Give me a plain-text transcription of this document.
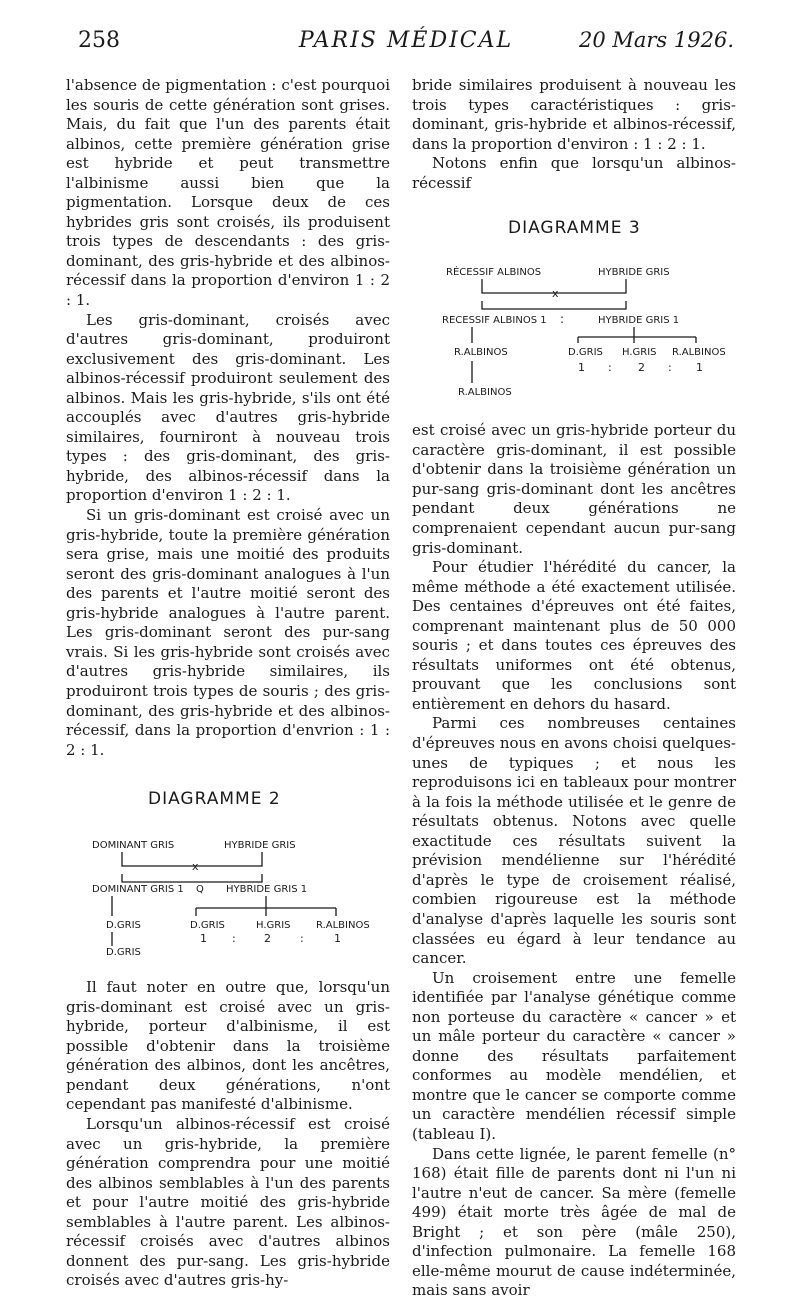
258	PARIS MÉDICAL	20 Mars 1926.

l'absence de pigmentation : c'est pourquoi les souris de cette génération sont grises. Mais, du fait que l'un des parents était albinos, cette première génération grise est hybride et peut transmettre l'albinisme aussi bien que la pigmentation. Lorsque deux de ces hybrides gris sont croisés, ils produisent trois types de descendants : des gris-dominant, des gris-hybride et des albinos-récessif dans la proportion d'environ 1 : 2 : 1.

Les gris-dominant, croisés avec d'autres gris-dominant, produiront exclusivement des gris-dominant. Les albinos-récessif produiront seulement des albinos. Mais les gris-hybride, s'ils ont été accouplés avec d'autres gris-hybride similaires, fourniront à nouveau trois types : des gris-dominant, des gris-hybride, des albinos-récessif dans la proportion d'environ 1 : 2 : 1.

Si un gris-dominant est croisé avec un gris-hybride, toute la première génération sera grise, mais une moitié des produits seront des gris-dominant analogues à l'un des parents et l'autre moitié seront des gris-hybride analogues à l'autre parent. Les gris-dominant seront des pur-sang vrais. Si les gris-hybride sont croisés avec d'autres gris-hybride similaires, ils produiront trois types de souris ; des gris-dominant, des gris-hybride et des albinos-récessif, dans la proportion d'envrion : 1 : 2 : 1.

DIAGRAMME 2
DOMINANT GRIS	HYBRIDE GRIS
x
DOMINANT GRIS 1 Q HYBRIDE GRIS 1
D.GRIS
D.GRIS
D.GRIS	H.GRIS	R.ALBINOS
1 :	2	:	1

Il faut noter en outre que, lorsqu'un gris-dominant est croisé avec un gris-hybride, porteur d'albinisme, il est possible d'obtenir dans la troisième génération des albinos, dont les ancêtres, pendant deux générations, n'ont cependant pas manifesté d'albinisme.

Lorsqu'un albinos-récessif est croisé avec un gris-hybride, la première génération comprendra pour une moitié des albinos semblables à l'un des parents et pour l'autre moitié des gris-hybride semblables à l'autre parent. Les albinos-récessif croisés avec d'autres albinos donnent des pur-sang. Les gris-hybride croisés avec d'autres gris-hy-

bride similaires produisent à nouveau les trois types caractéristiques : gris-dominant, gris-hybride et albinos-récessif, dans la proportion d'environ : 1 : 2 : 1.

Notons enfin que lorsqu'un albinos-récessif

DIAGRAMME 3
RÉCESSIF ALBINOS	HYBRIDE GRIS
x
RECESSIF ALBINOS 1 :	HYBRIDE GRIS 1
R.ALBINOS
R.ALBINOS
D.GRIS H.GRIS R.ALBINOS
1 : 2 : 1

est croisé avec un gris-hybride porteur du caractère gris-dominant, il est possible d'obtenir dans la troisième génération un pur-sang gris-dominant dont les ancêtres pendant deux générations ne comprenaient cependant aucun pur-sang gris-dominant.

Pour étudier l'hérédité du cancer, la même méthode a été exactement utilisée. Des centaines d'épreuves ont été faites, comprenant maintenant plus de 50 000 souris ; et dans toutes ces épreuves des résultats uniformes ont été obtenus, prouvant que les conclusions sont entièrement en dehors du hasard.

Parmi ces nombreuses centaines d'épreuves nous en avons choisi quelques-unes de typiques ; et nous les reproduisons ici en tableaux pour montrer à la fois la méthode utilisée et le genre de résultats obtenus. Notons avec quelle exactitude ces résultats suivent la prévision mendélienne sur l'hérédité d'après le type de croisement réalisé, combien rigoureuse est la méthode d'analyse d'après laquelle les souris sont classées eu égard à leur tendance au cancer.

Un croisement entre une femelle identifiée par l'analyse génétique comme non porteuse du caractère « cancer » et un mâle porteur du caractère « cancer » donne des résultats parfaitement conformes au modèle mendélien, et montre que le cancer se comporte comme un caractère mendélien récessif simple (tableau I).

Dans cette lignée, le parent femelle (n° 168) était fille de parents dont ni l'un ni l'autre n'eut de cancer. Sa mère (femelle 499) était morte très âgée de mal de Bright ; et son père (mâle 250), d'infection pulmonaire. La femelle 168 elle-même mourut de cause indéterminée, mais sans avoir
